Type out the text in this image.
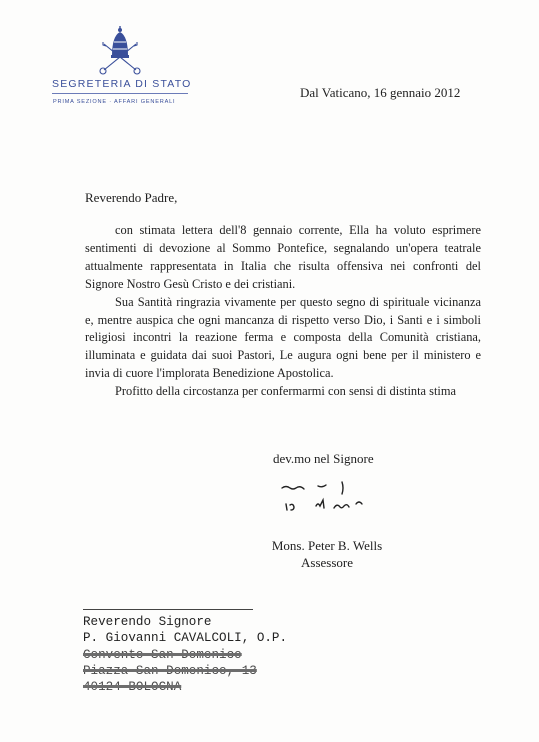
SEGRETERIA DI STATO
PRIMA SEZIONE · AFFARI GENERALI
Dal Vaticano, 16 gennaio 2012
Reverendo Padre,

con stimata lettera dell'8 gennaio corrente, Ella ha voluto esprimere sentimenti di devozione al Sommo Pontefice, segnalando un'opera teatrale attualmente rappresentata in Italia che risulta offensiva nei confronti del Signore Nostro Gesù Cristo e dei cristiani.

Sua Santità ringrazia vivamente per questo segno di spirituale vicinanza e, mentre auspica che ogni mancanza di rispetto verso Dio, i Santi e i simboli religiosi incontri la reazione ferma e composta della Comunità cristiana, illuminata e guidata dai suoi Pastori, Le augura ogni bene per il ministero e invia di cuore l'implorata Benedizione Apostolica.

Profitto della circostanza per confermarmi con sensi di distinta stima

dev.mo nel Signore
Mons. Peter B. Wells
Assessore
Reverendo Signore
P. Giovanni CAVALCOLI, O.P.
Convento San Domenico
Piazza San Domenico, 13
40124 BOLOGNA
